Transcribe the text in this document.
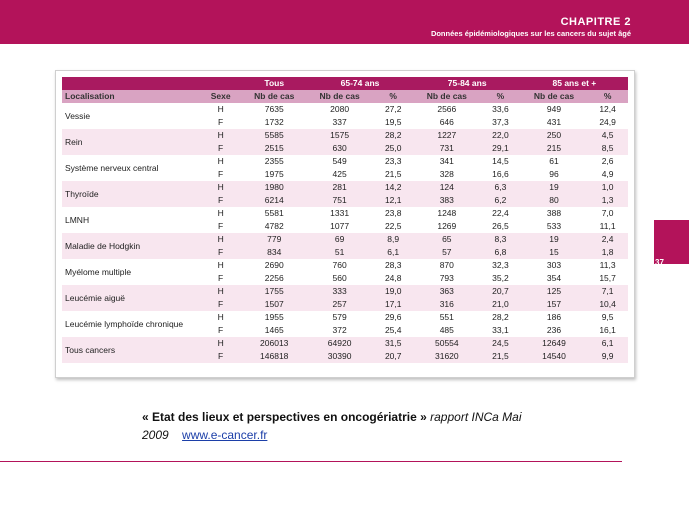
CHAPITRE 2
Données épidémiologiques sur les cancers du sujet âgé
37
		Tous	65-74 ans		75-84 ans		85 ans et +	
Localisation	Sexe	Nb de cas	Nb de cas	%	Nb de cas	%	Nb de cas	%
Vessie	H	7635	2080	27,2	2566	33,6	949	12,4
	F	1732	337	19,5	646	37,3	431	24,9
Rein	H	5585	1575	28,2	1227	22,0	250	4,5
	F	2515	630	25,0	731	29,1	215	8,5
Système nerveux central	H	2355	549	23,3	341	14,5	61	2,6
	F	1975	425	21,5	328	16,6	96	4,9
Thyroïde	H	1980	281	14,2	124	6,3	19	1,0
	F	6214	751	12,1	383	6,2	80	1,3
LMNH	H	5581	1331	23,8	1248	22,4	388	7,0
	F	4782	1077	22,5	1269	26,5	533	11,1
Maladie de Hodgkin	H	779	69	8,9	65	8,3	19	2,4
	F	834	51	6,1	57	6,8	15	1,8
Myélome multiple	H	2690	760	28,3	870	32,3	303	11,3
	F	2256	560	24,8	793	35,2	354	15,7
Leucémie aiguë	H	1755	333	19,0	363	20,7	125	7,1
	F	1507	257	17,1	316	21,0	157	10,4
Leucémie lymphoïde chronique	H	1955	579	29,6	551	28,2	186	9,5
	F	1465	372	25,4	485	33,1	236	16,1
Tous cancers	H	206013	64920	31,5	50554	24,5	12649	6,1
	F	146818	30390	20,7	31620	21,5	14540	9,9
« Etat des lieux et perspectives en oncogériatrie » rapport INCa Mai
2009 www.e-cancer.fr
